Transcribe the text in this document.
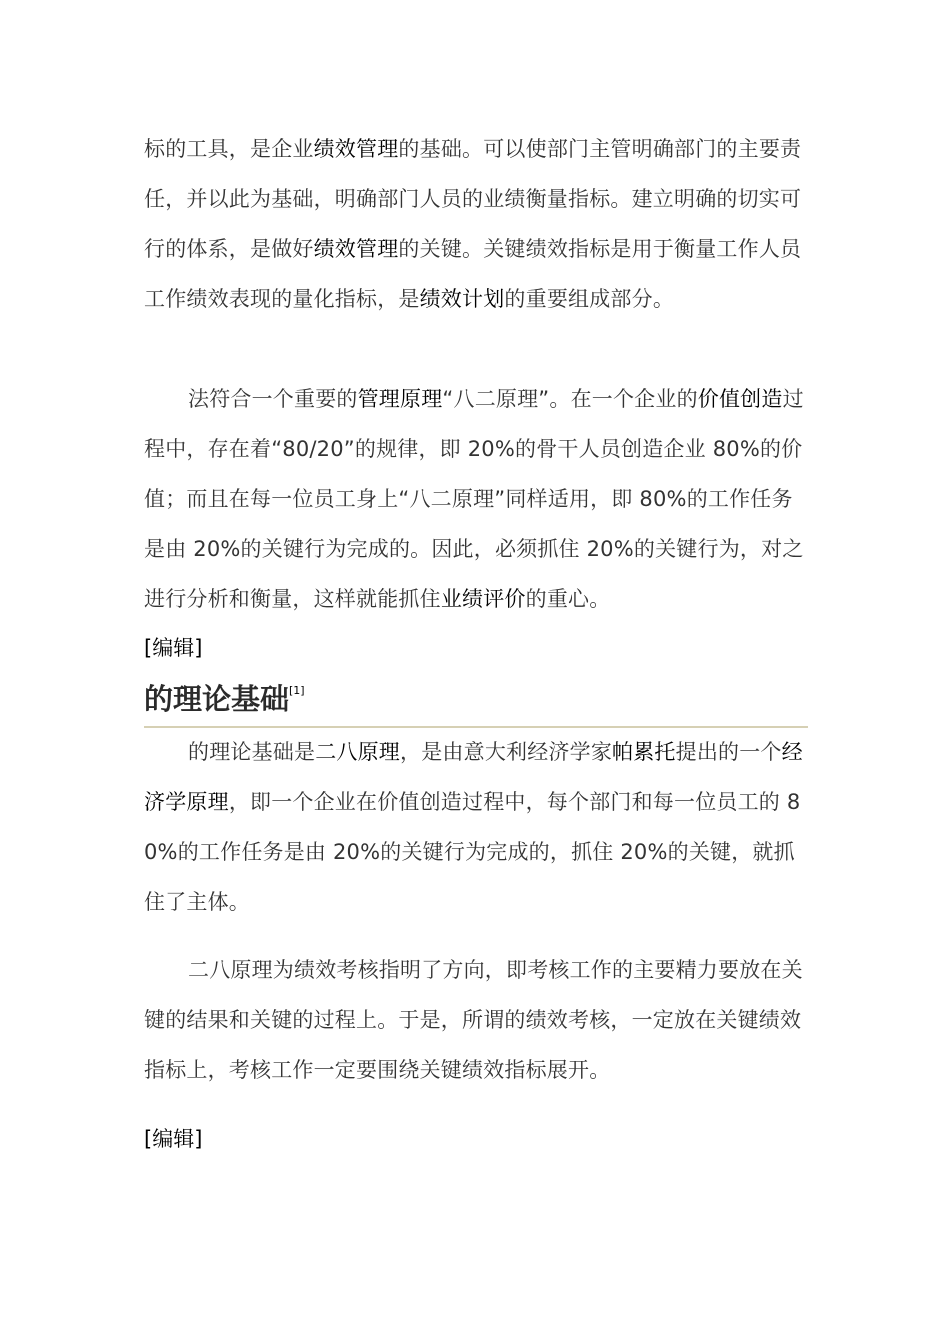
标的工具，是企业绩效管理的基础。可以使部门主管明确部门的主要责任，并以此为基础，明确部门人员的业绩衡量指标。建立明确的切实可行的体系，是做好绩效管理的关键。关键绩效指标是用于衡量工作人员工作绩效表现的量化指标，是绩效计划的重要组成部分。

法符合一个重要的管理原理“八二原理”。在一个企业的价值创造过程中，存在着“80/20”的规律，即 20%的骨干人员创造企业 80%的价值；而且在每一位员工身上“八二原理”同样适用，即 80%的工作任务是由 20%的关键行为完成的。因此，必须抓住 20%的关键行为，对之进行分析和衡量，这样就能抓住业绩评价的重心。

[编辑]
的理论基础[1]

的理论基础是二八原理，是由意大利经济学家帕累托提出的一个经济学原理，即一个企业在价值创造过程中，每个部门和每一位员工的 80%的工作任务是由 20%的关键行为完成的，抓住 20%的关键，就抓住了主体。

二八原理为绩效考核指明了方向，即考核工作的主要精力要放在关键的结果和关键的过程上。于是，所谓的绩效考核，一定放在关键绩效指标上，考核工作一定要围绕关键绩效指标展开。

[编辑]
